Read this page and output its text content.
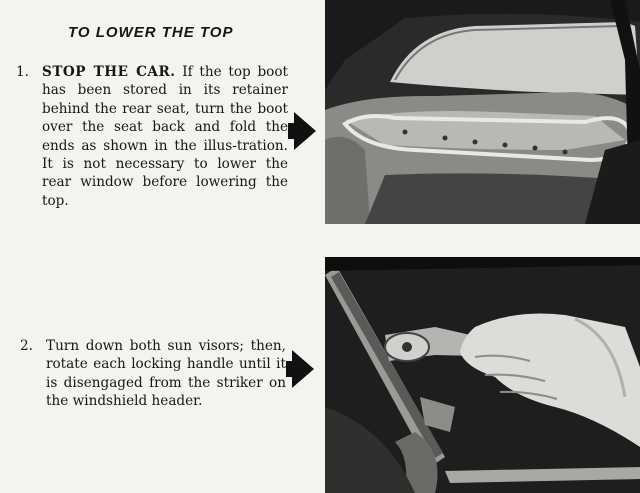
TO LOWER THE TOP
1. STOP THE CAR. If the top boot has been stored in its retainer behind the rear seat, turn the boot over the seat back and fold the ends as shown in the illus-tration. It is not necessary to lower the rear window before lowering the top.
2. Turn down both sun visors; then, rotate each locking handle until it is disengaged from the striker on the windshield header.
